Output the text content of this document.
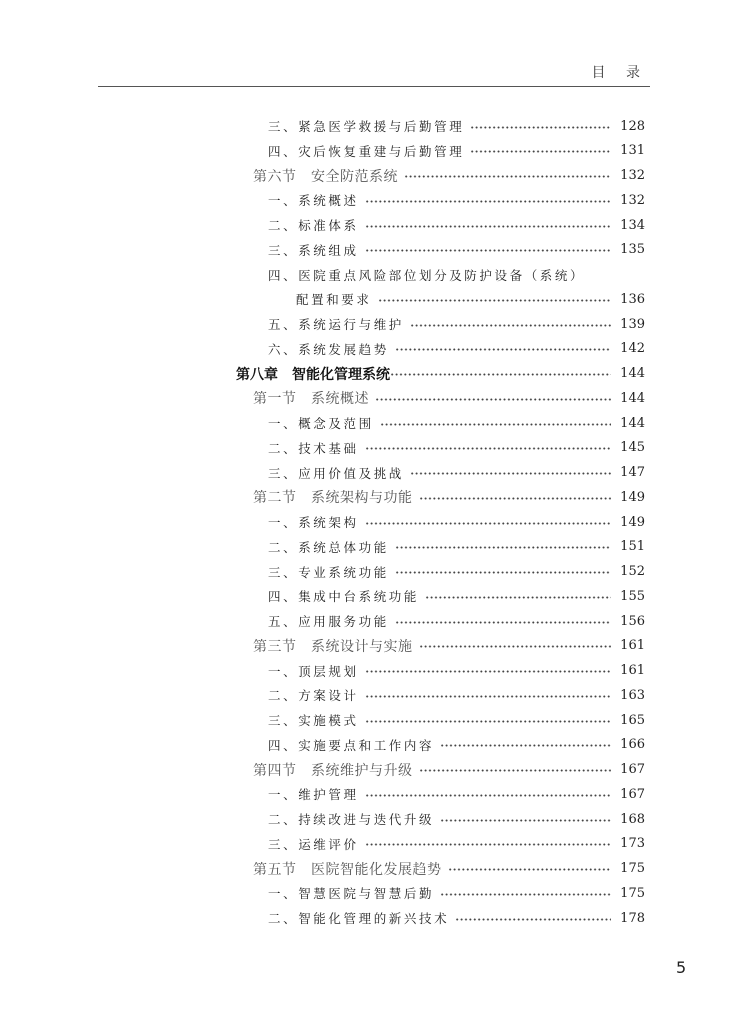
目 录
三、紧急医学救援与后勤管理	128
四、灾后恢复重建与后勤管理	131
第六节　安全防范系统	132
一、系统概述	132
二、标准体系	134
三、系统组成	135
四、医院重点风险部位划分及防护设备（系统）
配置和要求	136
五、系统运行与维护	139
六、系统发展趋势	142
第八章　智能化管理系统	144
第一节　系统概述	144
一、概念及范围	144
二、技术基础	145
三、应用价值及挑战	147
第二节　系统架构与功能	149
一、系统架构	149
二、系统总体功能	151
三、专业系统功能	152
四、集成中台系统功能	155
五、应用服务功能	156
第三节　系统设计与实施	161
一、顶层规划	161
二、方案设计	163
三、实施模式	165
四、实施要点和工作内容	166
第四节　系统维护与升级	167
一、维护管理	167
二、持续改进与迭代升级	168
三、运维评价	173
第五节　医院智能化发展趋势	175
一、智慧医院与智慧后勤	175
二、智能化管理的新兴技术	178
5
